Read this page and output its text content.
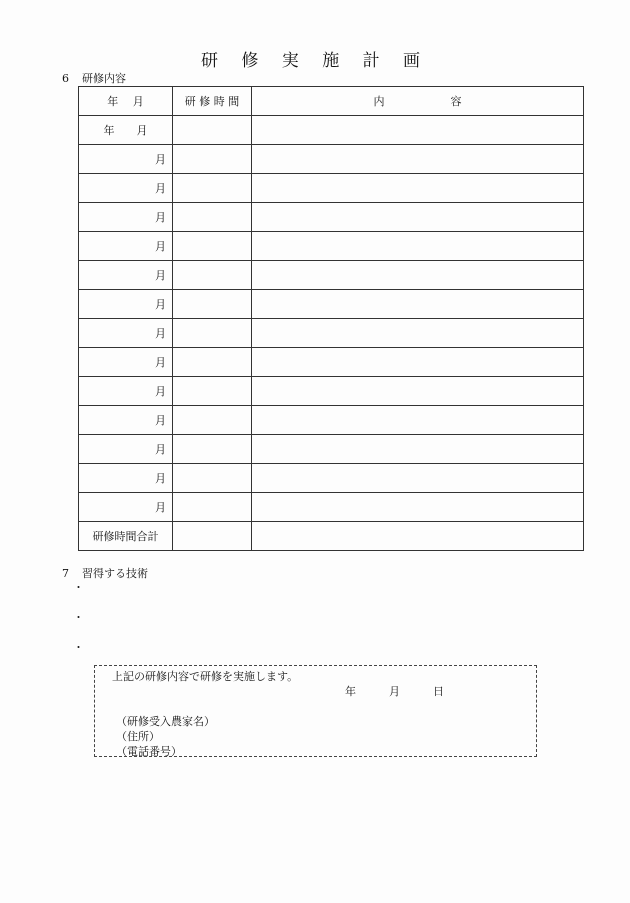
研 修 実 施 計 画
6 研修内容
年　 月	研 修 時 間	内　　　　　　容
年　　月		
月		
月		
月		
月		
月		
月		
月		
月		
月		
月		
月		
月		
月		
研修時間合計		
7 習得する技術
・
・
・
上記の研修内容で研修を実施します。
年　　　月　　　日
（研修受入農家名）
（住所）
（電話番号）
